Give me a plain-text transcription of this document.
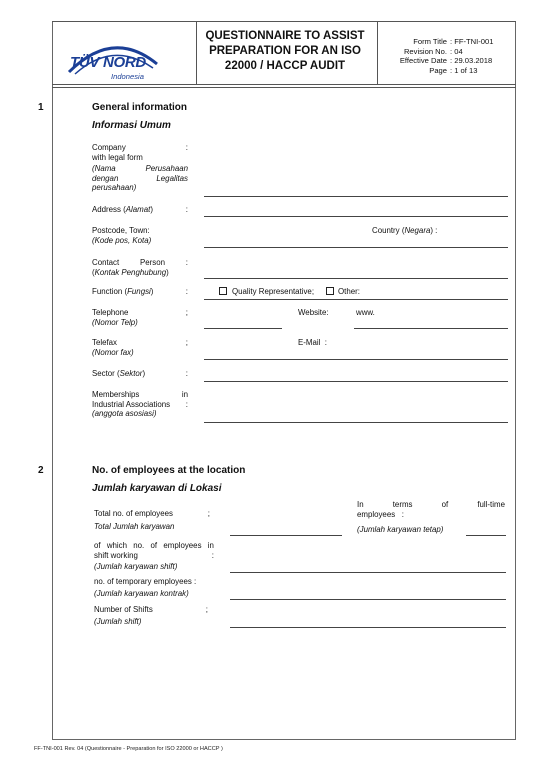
TÜV NORD
Indonesia
QUESTIONNAIRE TO ASSIST
PREPARATION FOR AN ISO
22000 / HACCP AUDIT
Form Title : FF-TNI-001
Revision No. : 04
Effective Date : 29.03.2018
Page : 1 of 13
1	General information
Informasi Umum
Company	:
with legal form
(Nama	Perusahaan
dengan	Legalitas
perusahaan)
Address (Alamat)	:
Postcode, Town:
(Kode pos, Kota)
Country (Negara) :
Contact	Person	:
(Kontak Penghubung)
Function (Fungsi)	:	Quality Representative;	Other:
Telephone	;
(Nomor Telp)
Website:	www.
Telefax	;
(Nomor fax)
E-Mail :
Sector (Sektor)	:
Memberships	in
Industrial Associations :
(anggota asosiasi)
2	No. of employees at the location
Jumlah karyawan di Lokasi
Total no. of employees	;
Total Jumlah karyawan
In	terms	of	full-time
employees :
(Jumlah karyawan tetap)
of which no. of employees in
shift working	:
(Jumlah karyawan shift)
no. of temporary employees :
(Jumlah karyawan kontrak)
Number of Shifts	;
(Jumlah shift)
FF-TNI-001 Rev. 04 (Questionnaire - Preparation for ISO 22000 or HACCP )
